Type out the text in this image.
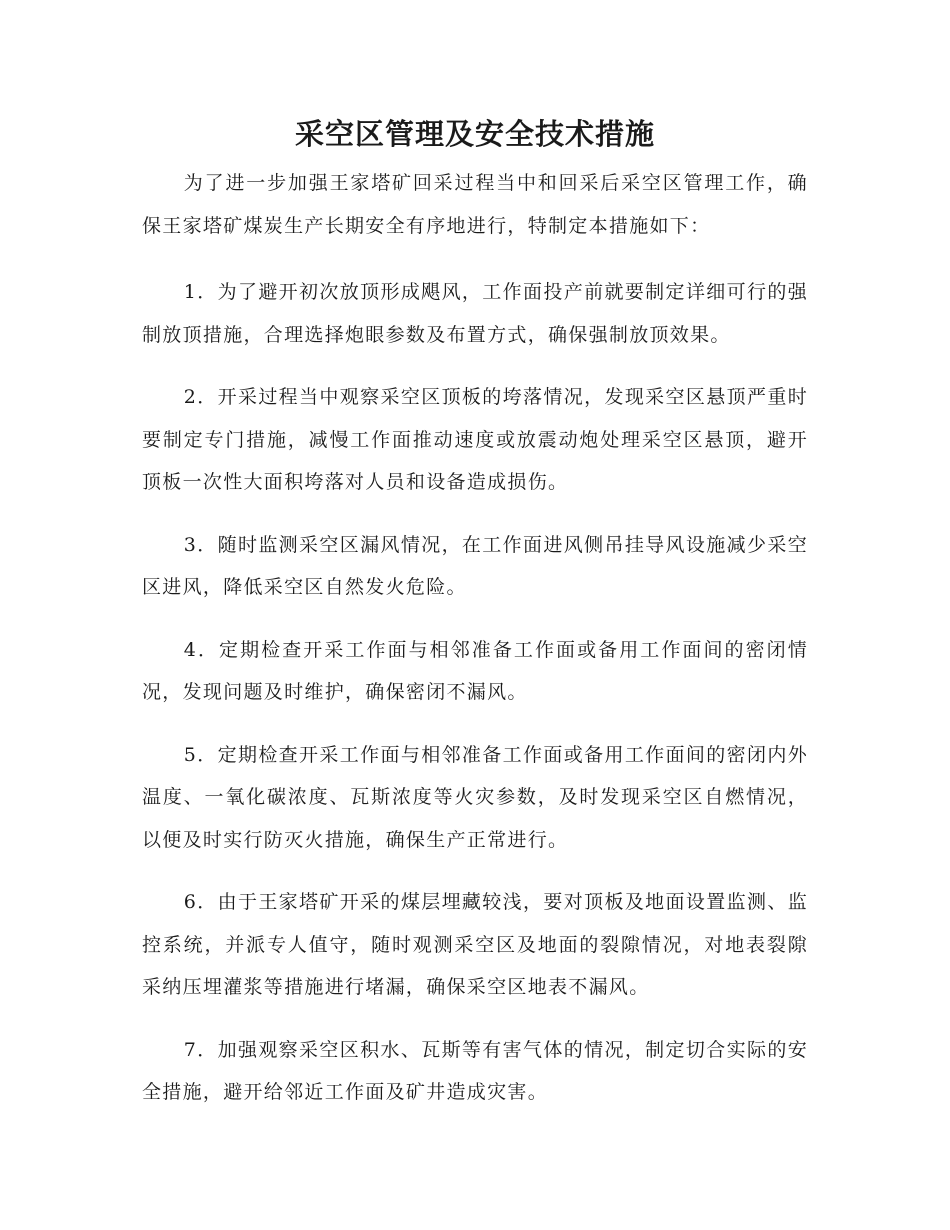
采空区管理及安全技术措施

为了进一步加强王家塔矿回采过程当中和回采后采空区管理工作，确保王家塔矿煤炭生产长期安全有序地进行，特制定本措施如下：

1．为了避开初次放顶形成飓风，工作面投产前就要制定详细可行的强制放顶措施，合理选择炮眼参数及布置方式，确保强制放顶效果。

2．开采过程当中观察采空区顶板的垮落情况，发现采空区悬顶严重时要制定专门措施，减慢工作面推动速度或放震动炮处理采空区悬顶，避开顶板一次性大面积垮落对人员和设备造成损伤。

3．随时监测采空区漏风情况，在工作面进风侧吊挂导风设施减少采空区进风，降低采空区自然发火危险。

4．定期检查开采工作面与相邻准备工作面或备用工作面间的密闭情况，发现问题及时维护，确保密闭不漏风。

5．定期检查开采工作面与相邻准备工作面或备用工作面间的密闭内外温度、一氧化碳浓度、瓦斯浓度等火灾参数，及时发现采空区自燃情况，以便及时实行防灭火措施，确保生产正常进行。

6．由于王家塔矿开采的煤层埋藏较浅，要对顶板及地面设置监测、监控系统，并派专人值守，随时观测采空区及地面的裂隙情况，对地表裂隙采纳压埋灌浆等措施进行堵漏，确保采空区地表不漏风。

7．加强观察采空区积水、瓦斯等有害气体的情况，制定切合实际的安全措施，避开给邻近工作面及矿井造成灾害。
